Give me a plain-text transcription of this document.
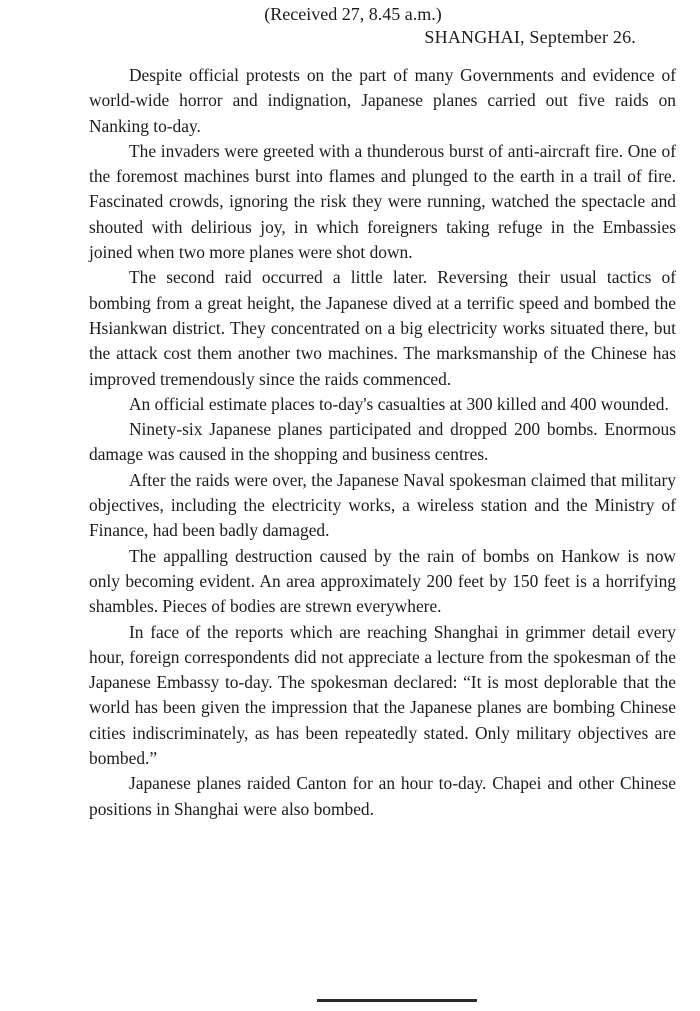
(Received 27, 8.45 a.m.)
SHANGHAI, September 26.

Despite official protests on the part of many Governments and evidence of world-wide horror and indignation, Japanese planes carried out five raids on Nanking to-day.

The invaders were greeted with a thunderous burst of anti-aircraft fire. One of the foremost machines burst into flames and plunged to the earth in a trail of fire. Fascinated crowds, ignoring the risk they were running, watched the spectacle and shouted with delirious joy, in which foreigners taking refuge in the Embassies joined when two more planes were shot down.

The second raid occurred a little later. Reversing their usual tactics of bombing from a great height, the Japanese dived at a terrific speed and bombed the Hsiankwan district. They concentrated on a big electricity works situated there, but the attack cost them another two machines. The marksmanship of the Chinese has improved tremendously since the raids commenced.

An official estimate places to-day's casualties at 300 killed and 400 wounded.

Ninety-six Japanese planes participated and dropped 200 bombs. Enormous damage was caused in the shopping and business centres.

After the raids were over, the Japanese Naval spokesman claimed that military objectives, including the electricity works, a wireless station and the Ministry of Finance, had been badly damaged.

The appalling destruction caused by the rain of bombs on Hankow is now only becoming evident. An area approximately 200 feet by 150 feet is a horrifying shambles. Pieces of bodies are strewn everywhere.

In face of the reports which are reaching Shanghai in grimmer detail every hour, foreign correspondents did not appreciate a lecture from the spokesman of the Japanese Embassy to-day. The spokesman declared: “It is most deplorable that the world has been given the impression that the Japanese planes are bombing Chinese cities indiscriminately, as has been repeatedly stated. Only military objectives are bombed.”

Japanese planes raided Canton for an hour to-day. Chapei and other Chinese positions in Shanghai were also bombed.
